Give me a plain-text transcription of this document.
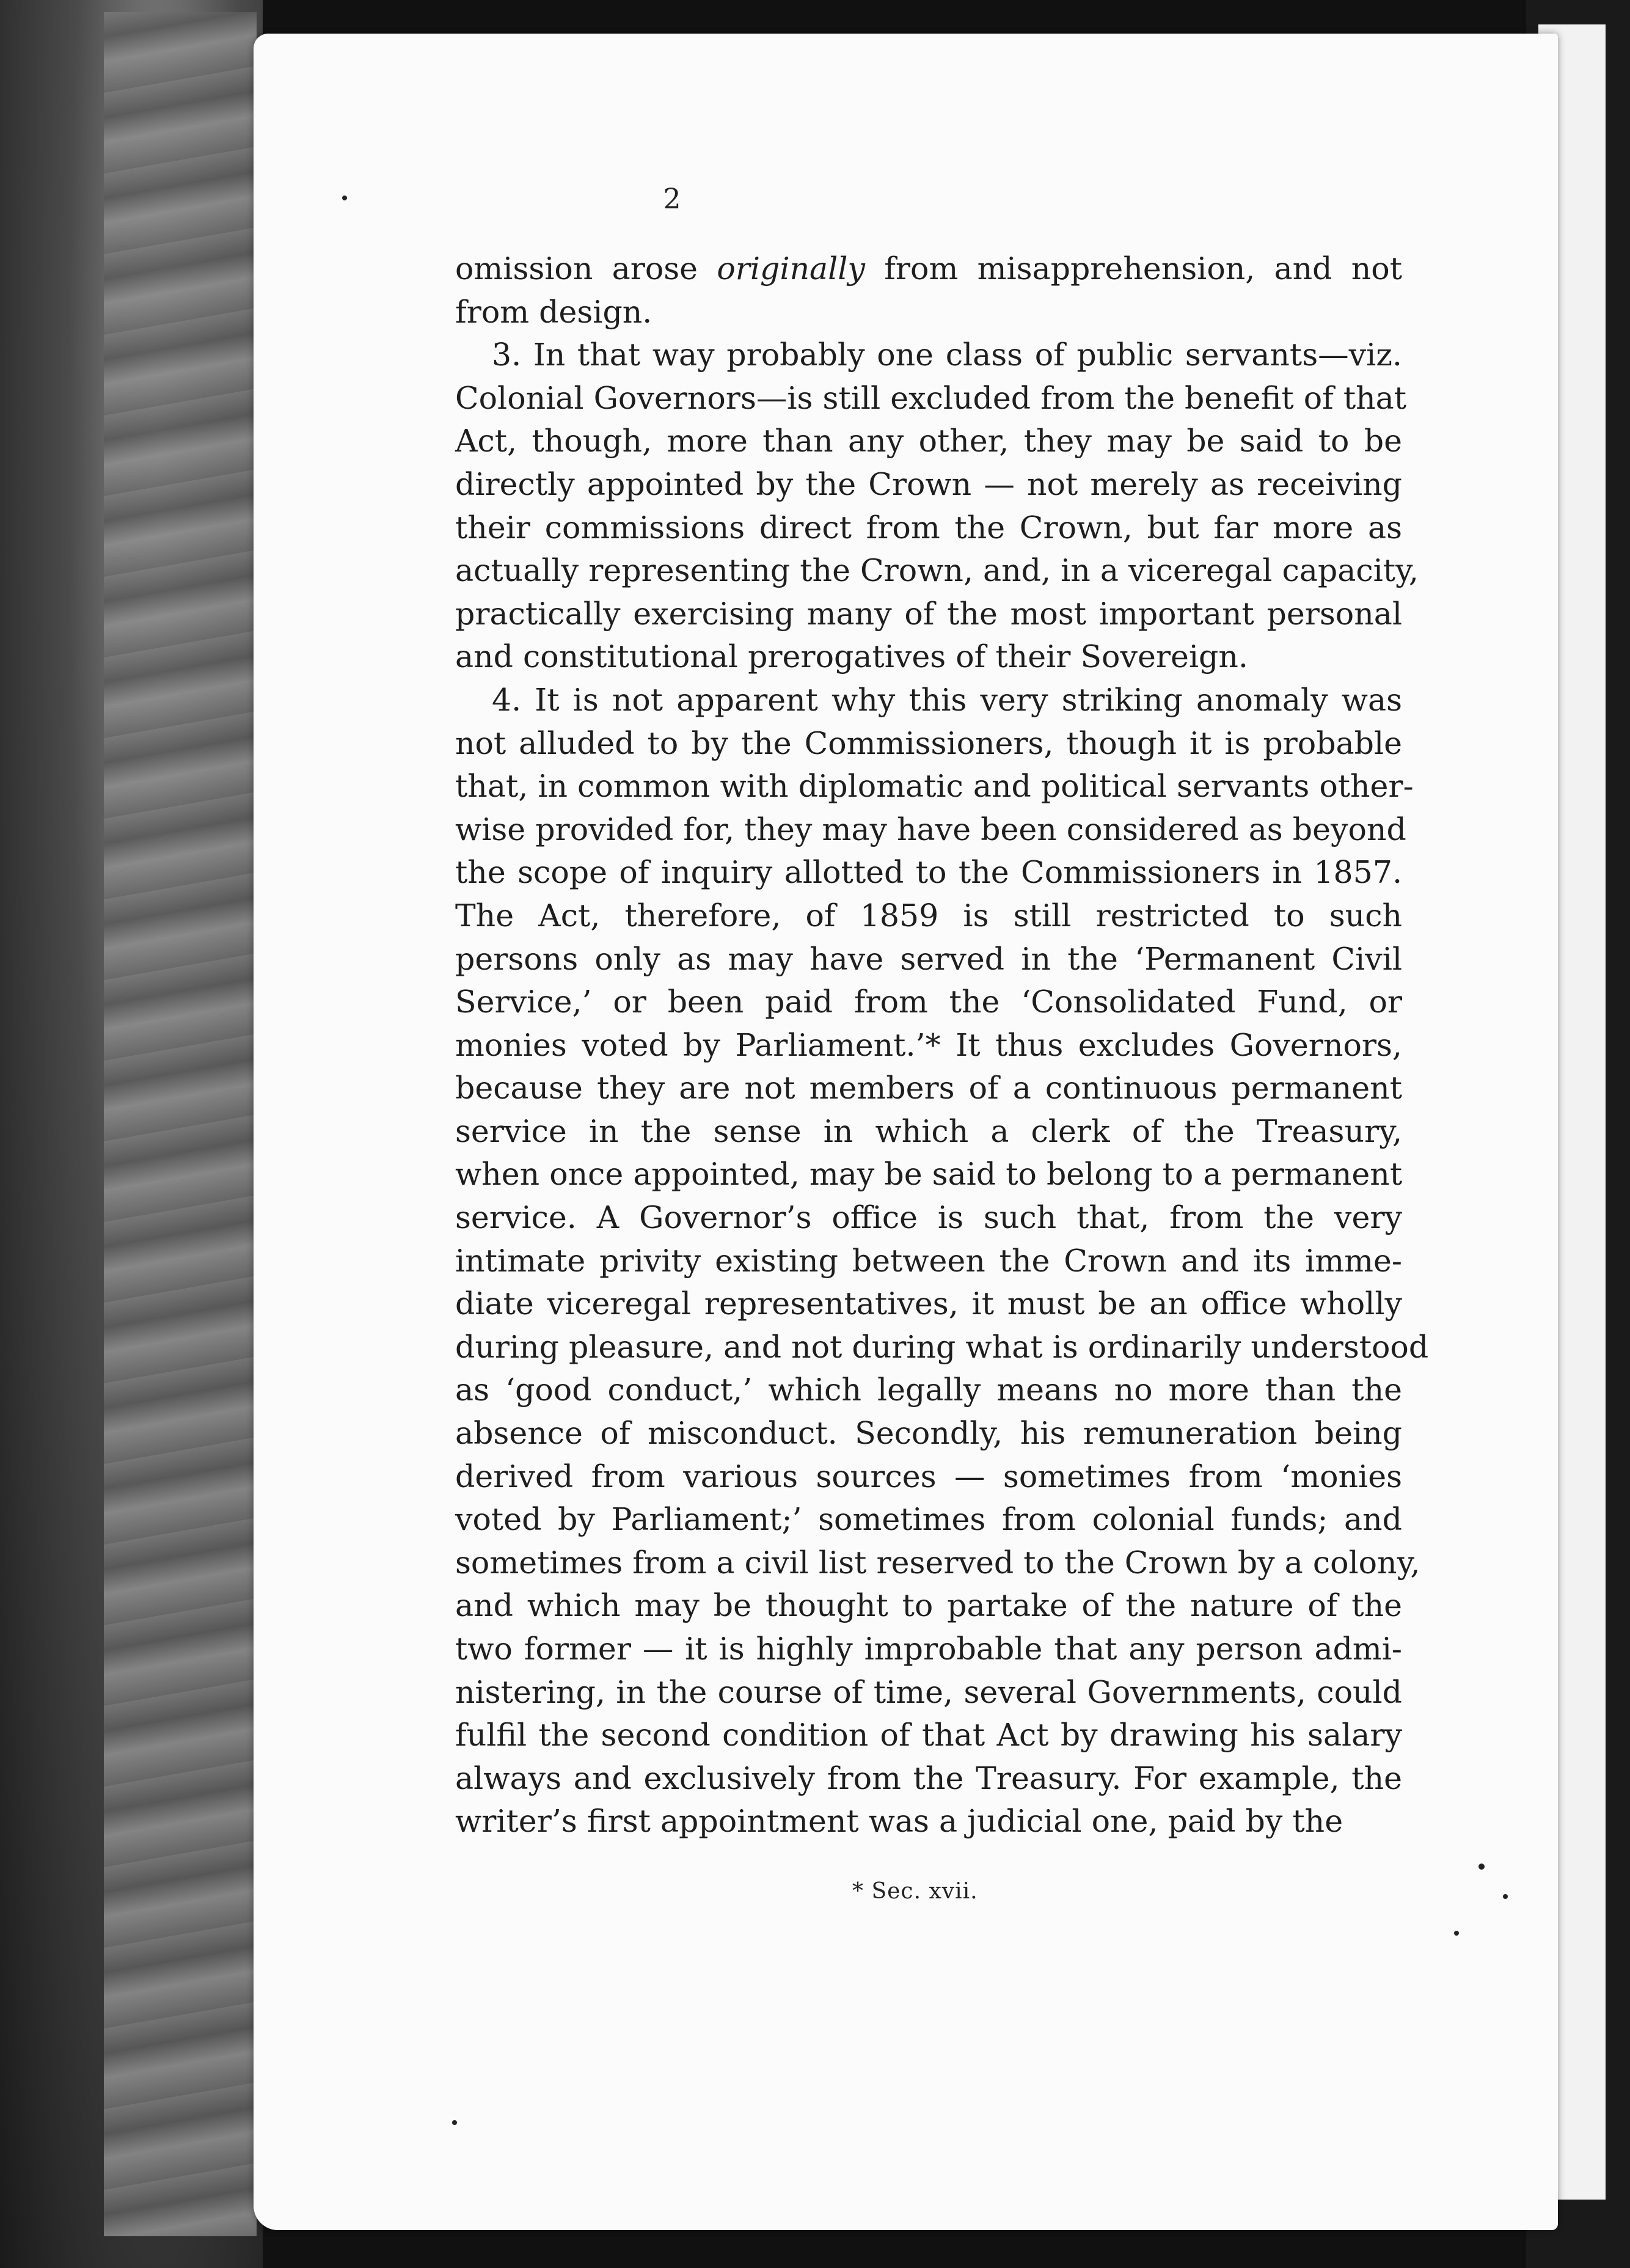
2

omission arose originally from misapprehension, and not
from design.

3. In that way probably one class of public servants—viz.
Colonial Governors—is still excluded from the benefit of that
Act, though, more than any other, they may be said to be
directly appointed by the Crown — not merely as receiving
their commissions direct from the Crown, but far more as
actually representing the Crown, and, in a viceregal capacity,
practically exercising many of the most important personal
and constitutional prerogatives of their Sovereign.

4. It is not apparent why this very striking anomaly was
not alluded to by the Commissioners, though it is probable
that, in common with diplomatic and political servants other-
wise provided for, they may have been considered as beyond
the scope of inquiry allotted to the Commissioners in 1857.
The Act, therefore, of 1859 is still restricted to such
persons only as may have served in the ‘Permanent Civil
Service,’ or been paid from the ‘Consolidated Fund, or
monies voted by Parliament.’* It thus excludes Governors,
because they are not members of a continuous permanent
service in the sense in which a clerk of the Treasury,
when once appointed, may be said to belong to a permanent
service. A Governor’s office is such that, from the very
intimate privity existing between the Crown and its imme-
diate viceregal representatives, it must be an office wholly
during pleasure, and not during what is ordinarily understood
as ‘good conduct,’ which legally means no more than the
absence of misconduct. Secondly, his remuneration being
derived from various sources — sometimes from ‘monies
voted by Parliament;’ sometimes from colonial funds; and
sometimes from a civil list reserved to the Crown by a colony,
and which may be thought to partake of the nature of the
two former — it is highly improbable that any person admi-
nistering, in the course of time, several Governments, could
fulfil the second condition of that Act by drawing his salary
always and exclusively from the Treasury. For example, the
writer’s first appointment was a judicial one, paid by the

* Sec. xvii.
